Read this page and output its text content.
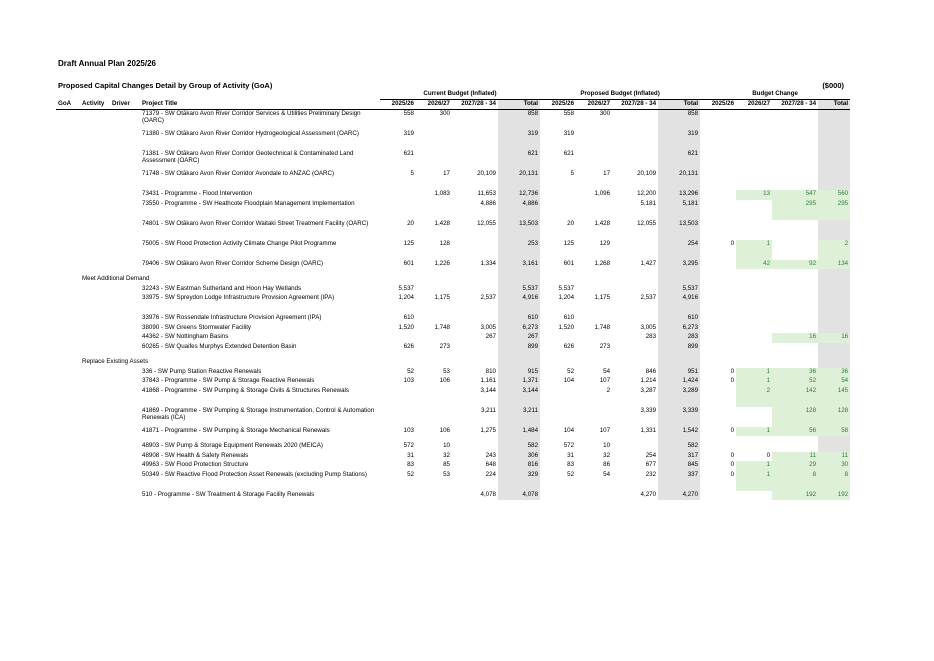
Draft Annual Plan 2025/26
Proposed Capital Changes Detail by Group of Activity (GoA)	($000)
				Current Budget (Inflated)				Proposed Budget (Inflated)				Budget Change			
GoA	Activity	Driver	Project Title	2025/26	2026/27	2027/28 - 34	Total	2025/26	2026/27	2027/28 - 34	Total	2025/26	2026/27	2027/28 - 34	Total
			71379 - SW Ōtākaro Avon River Corridor Services & Utilities Preliminary Design (OARC)	558	300		858	558	300		858				
			71380 - SW Ōtākaro Avon River Corridor Hydrogeological Assessment (OARC)	319			319	319			319				
			71381 - SW Ōtākaro Avon River Corridor Geotechnical & Contaminated Land Assessment (OARC)	621			621	621			621				
			71748 - SW Ōtākaro Avon River Corridor Avondale to ANZAC (OARC)	5	17	20,109	20,131	5	17	20,109	20,131				
			73431 - Programme - Flood Intervention		1,083	11,653	12,736		1,096	12,200	13,296		13	547	560
			73550 - Programme - SW Heathcote Floodplain Management Implementation			4,886	4,886			5,181	5,181			295	295
			74801 - SW Ōtākaro Avon River Corridor Waitaki Street Treatment Facility (OARC)	20	1,428	12,055	13,503	20	1,428	12,055	13,503				
			75005 - SW Flood Protection Activity Climate Change Pilot Programme	125	128		253	125	129		254	0	1		2
			79406 - SW Ōtākaro Avon River Corridor Scheme Design (OARC)	601	1,226	1,334	3,161	601	1,268	1,427	3,295		42	92	134

	Meet Additional Demand														
			32243 - SW Eastman Sutherland and Hoon Hay Wetlands	5,537			5,537	5,537			5,537				
			33975 - SW Spreydon Lodge Infrastructure Provision Agreement (IPA)	1,204	1,175	2,537	4,916	1,204	1,175	2,537	4,916				
			33976 - SW Rossendale Infrastructure Provision Agreement (IPA)	610			610	610			610				
			38090 - SW Greens Stormwater Facility	1,520	1,748	3,005	6,273	1,520	1,748	3,005	6,273				
			44362 - SW Nottingham Basins			267	267			283	283			16	16
			60265 - SW Quaifes Murphys Extended Detention Basin	626	273		899	626	273		899				

	Replace Existing Assets														
			336 - SW Pump Station Reactive Renewals	52	53	810	915	52	54	846	951	0	1	36	36
			37843 - Programme - SW Pump & Storage Reactive Renewals	103	106	1,161	1,371	104	107	1,214	1,424	0	1	52	54
			41868 - Programme - SW Pumping & Storage Civils & Structures Renewals			3,144	3,144		2	3,287	3,289		2	142	145
			41869 - Programme - SW Pumping & Storage Instrumentation, Control & Automation Renewals (ICA)			3,211	3,211			3,339	3,339			128	128
			41871 - Programme - SW Pumping & Storage Mechanical Renewals	103	106	1,275	1,484	104	107	1,331	1,542	0	1	56	58

			48903 - SW Pump & Storage Equipment Renewals 2020 (MEICA)	572	10		582	572	10		582				
			48908 - SW Health & Safety Renewals	31	32	243	306	31	32	254	317	0	0	11	11
			49963 - SW Flood Protection Structure	83	85	648	816	83	86	677	845	0	1	29	30
			50349 - SW Reactive Flood Protection Asset Renewals (excluding Pump Stations)	52	53	224	329	52	54	232	337	0	1	8	8
			510 - Programme - SW Treatment & Storage Facility Renewals			4,078	4,078			4,270	4,270			192	192
